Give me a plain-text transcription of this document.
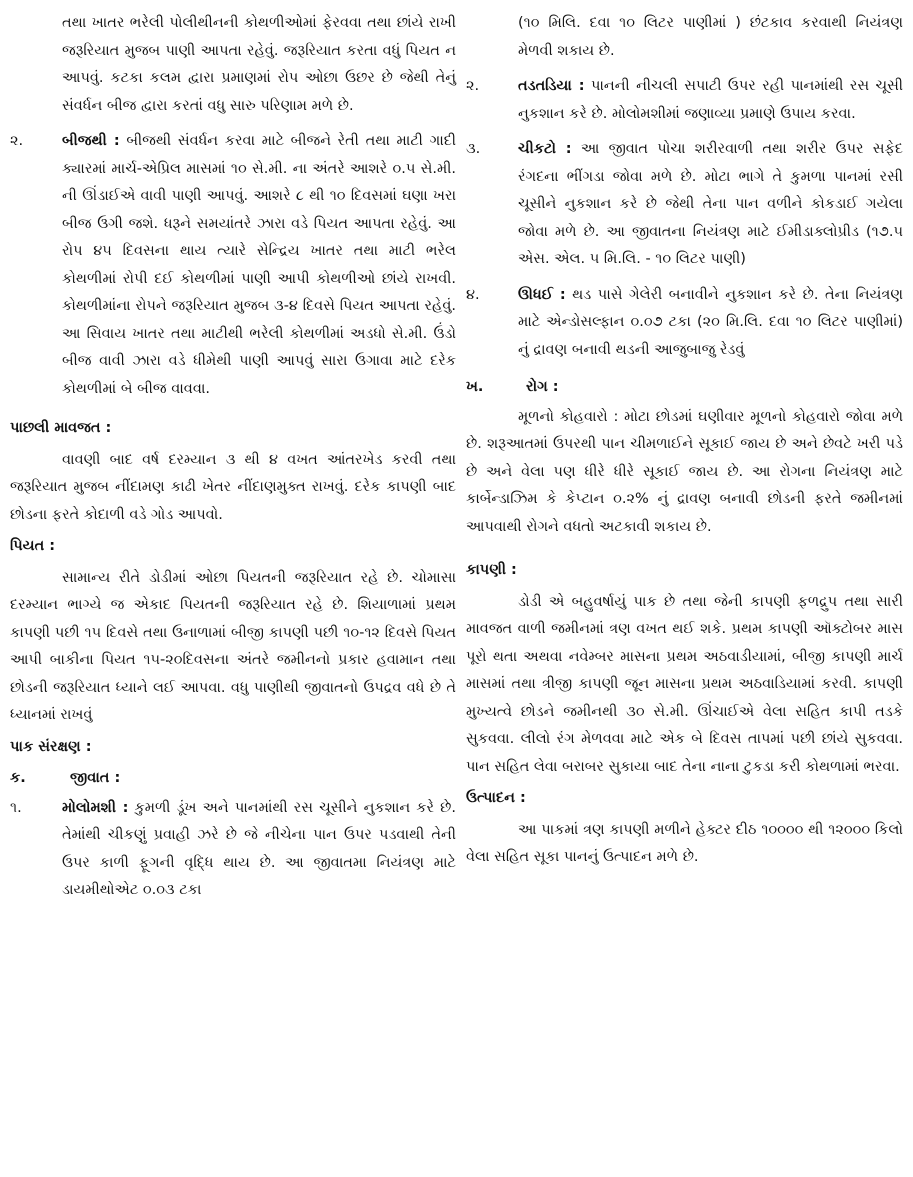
તથા ખાતર ભરેલી પોલીથીનની કોથળીઓમાં ફેરવવા તથા છાંયે રાખી જરૂરિયાત મુજબ પાણી આપતા રહેવું. જરૂરિયાત કરતા વધું પિયત ન આપવું. કટકા કલમ દ્વારા પ્રમાણમાં રોપ ઓછા ઉછર છે જેથી તેનું સંવર્ધન બીજ દ્વારા કરતાં વધુ સારુ પરિણામ મળે છે.
૨.	બીજથી : બીજથી સંવર્ધન કરવા માટે બીજને રેતી તથા માટી ગાદી ક્યારમાં માર્ચ-એપ્રિલ માસમાં ૧૦ સે.મી. ના અંતરે આશરે ૦.૫ સે.મી. ની ઊંડાઈએ વાવી પાણી આપવું. આશરે ૮ થી ૧૦ દિવસમાં ઘણા ખરા બીજ ઉગી જશે. ધરૂને સમયાંતરે ઝારા વડે પિયત આપતા રહેવું. આ રોપ ૪૫ દિવસના થાય ત્યારે સેન્દ્રિય ખાતર તથા માટી ભરેલ કોથળીમાં રોપી દઈ કોથળીમાં પાણી આપી કોથળીઓ છાંયે રાખવી. કોથળીમાંના રોપને જરૂરિયાત મુજબ ૩-૪ દિવસે પિયત આપતા રહેવું. આ સિવાય ખાતર તથા માટીથી ભરેલી કોથળીમાં અડધો સે.મી. ઉંડો બીજ વાવી ઝારા વડે ધીમેથી પાણી આપવું સારા ઉગાવા માટે દરેક કોથળીમાં બે બીજ વાવવા.
પાછલી માવજત :
વાવણી બાદ વર્ષ દરમ્યાન ૩ થી ૪ વખત આંતરખેડ કરવી તથા જરૂરિયાત મુજબ નીંદામણ કાઢી ખેતર નીંદાણમુક્ત રાખવું. દરેક કાપણી બાદ છોડના ફરતે કોદાળી વડે ગોડ આપવો.
પિયત :
સામાન્ય રીતે ડોડીમાં ઓછા પિયતની જરૂરિયાત રહે છે. ચોમાસા દરમ્યાન ભાગ્યે જ એકાદ પિયતની જરૂરિયાત રહે છે. શિયાળામાં પ્રથમ કાપણી પછી ૧૫ દિવસે તથા ઉનાળામાં બીજી કાપણી પછી ૧૦-૧૨ દિવસે પિયત આપી બાકીના પિયત ૧૫-૨૦દિવસના અંતરે જમીનનો પ્રકાર હવામાન તથા છોડની જરૂરિયાત ધ્યાને લઈ આપવા. વધુ પાણીથી જીવાતનો ઉપદ્રવ વધે છે તે ધ્યાનમાં રાખવું
પાક સંરક્ષણ :
ક.	જીવાત :
૧.	મોલોમશી : કુમળી ડૂંખ અને પાનમાંથી રસ ચૂસીને નુકશાન કરે છે. તેમાંથી ચીકણું પ્રવાહી ઝરે છે જે નીચેના પાન ઉપર પડવાથી તેની ઉપર કાળી ફૂગની વૃદ્ધિ થાય છે. આ જીવાતમા નિયંત્રણ માટે ડાયમીથોએટ ૦.૦૩ ટકા
(૧૦ મિલિ. દવા ૧૦ લિટર પાણીમાં ) છંટકાવ કરવાથી નિયંત્રણ મેળવી શકાય છે.
૨.	તડતડિયા : પાનની નીચલી સપાટી ઉપર રહી પાનમાંથી રસ ચૂસી નુકશાન કરે છે. મોલોમશીમાં જણાવ્યા પ્રમાણે ઉપાય કરવા.
૩.	ચીકટો : આ જીવાત પોચા શરીરવાળી તથા શરીર ઉપર સફેદ રંગદના ભીંગડા જોવા મળે છે. મોટા ભાગે તે કુમળા પાનમાં રસી ચૂસીને નુકશાન કરે છે જેથી તેના પાન વળીને કોકડાઈ ગયેલા જોવા મળે છે. આ જીવાતના નિયંત્રણ માટે ઈમીડાક્લોપ્રીડ (૧૭.૫ એસ. એલ. ૫ મિ.લિ. - ૧૦ લિટર પાણી)
૪.	ઊધઈ : થડ પાસે ગેલેરી બનાવીને નુકશાન કરે છે. તેના નિયંત્રણ માટે એન્ડોસલ્ફાન ૦.૦૭ ટકા (૨૦ મિ.લિ. દવા ૧૦ લિટર પાણીમાં) નું દ્રાવણ બનાવી થડની આજુબાજુ રેડવું
ખ.	રોગ :
મૂળનો કોહવારો : મોટા છોડમાં ઘણીવાર મૂળનો કોહવારો જોવા મળે છે. શરૂઆતમાં ઉપરથી પાન ચીમળાઈને સૂકાઈ જાય છે અને છેવટે ખરી પડે છે અને વેલા પણ ધીરે ધીરે સૂકાઈ જાય છે. આ રોગના નિયંત્રણ માટે કાર્બેન્ડાઝિમ કે કેપ્ટાન ૦.૨% નું દ્રાવણ બનાવી છોડની ફરતે જમીનમાં આપવાથી રોગને વધતો અટકાવી શકાય છે.
કાપણી :
ડોડી એ બહુવર્ષાયું પાક છે તથા જેની કાપણી ફળદ્રુપ તથા સારી માવજત વાળી જમીનમાં ત્રણ વખત થઈ શકે. પ્રથમ કાપણી ઑક્ટોબર માસ પૂરો થતા અથવા નવેમ્બર માસના પ્રથમ અઠવાડીયામાં, બીજી કાપણી માર્ચ માસમાં તથા ત્રીજી કાપણી જૂન માસના પ્રથમ અઠવાડિયામાં કરવી. કાપણી મુખ્યત્વે છોડને જમીનથી ૩૦ સે.મી. ઊંચાઈએ વેલા સહિત કાપી તડકે સુકવવા. લીલો રંગ મેળવવા માટે એક બે દિવસ તાપમાં પછી છાંયે સુકવવા. પાન સહિત લેવા બરાબર સુકાયા બાદ તેના નાના ટુકડા કરી કોથળામાં ભરવા.
ઉત્પાદન :
આ પાકમાં ત્રણ કાપણી મળીને હેક્ટર દીઠ ૧૦૦૦૦ થી ૧૨૦૦૦ કિલો વેલા સહિત સૂકા પાનનું ઉત્પાદન મળે છે.
